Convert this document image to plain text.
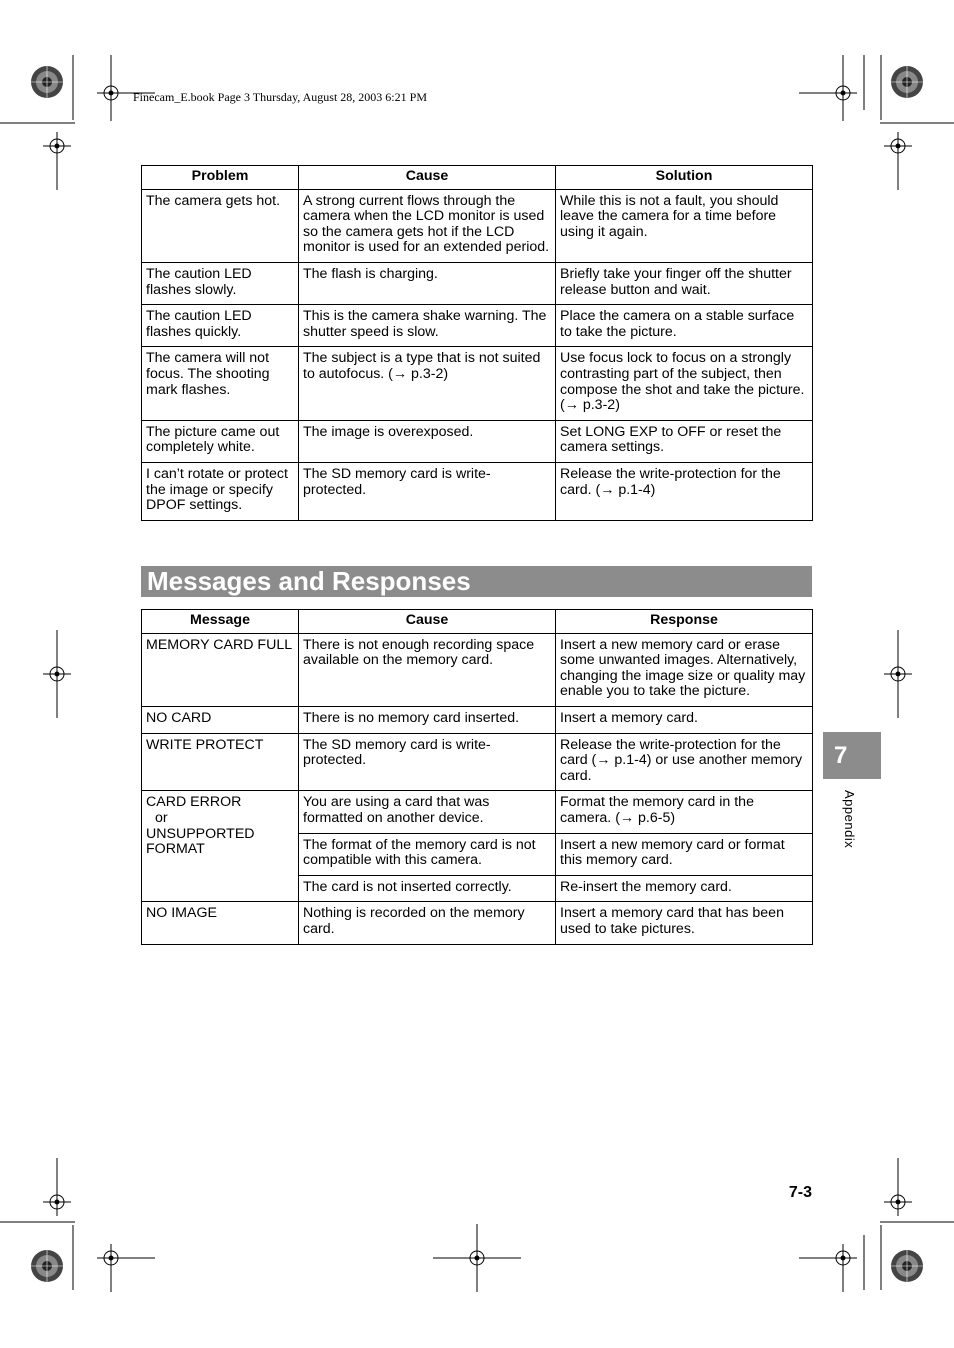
Finecam_E.book Page 3 Thursday, August 28, 2003 6:21 PM
Problem	Cause	Solution
The camera gets hot.	A strong current flows through the camera when the LCD monitor is used so the camera gets hot if the LCD monitor is used for an extended period.	While this is not a fault, you should leave the camera for a time before using it again.
The caution LED flashes slowly.	The flash is charging.	Briefly take your finger off the shutter release button and wait.
The caution LED flashes quickly.	This is the camera shake warning. The shutter speed is slow.	Place the camera on a stable surface to take the picture.
The camera will not focus. The shooting mark flashes.	The subject is a type that is not suited to autofocus. (→ p.3-2)	Use focus lock to focus on a strongly contrasting part of the subject, then compose the shot and take the picture. (→ p.3-2)
The picture came out completely white.	The image is overexposed.	Set LONG EXP to OFF or reset the camera settings.
I can’t rotate or protect the image or specify DPOF settings.	The SD memory card is write-protected.	Release the write-protection for the card. (→ p.1-4)
Messages and Responses
Message	Cause	Response
MEMORY CARD FULL	There is not enough recording space available on the memory card.	Insert a new memory card or erase some unwanted images. Alternatively, changing the image size or quality may enable you to take the picture.
NO CARD	There is no memory card inserted.	Insert a memory card.
WRITE PROTECT	The SD memory card is write-protected.	Release the write-protection for the card (→ p.1-4) or use another memory card.

CARD ERROR
or
UNSUPPORTED FORMAT	You are using a card that was formatted on another device.	Format the memory card in the camera. (→ p.6-5)
	The format of the memory card is not compatible with this camera.	Insert a new memory card or format this memory card.
	The card is not inserted correctly.	Re-insert the memory card.
NO IMAGE	Nothing is recorded on the memory card.	Insert a memory card that has been used to take pictures.
7
Appendix
7-3
